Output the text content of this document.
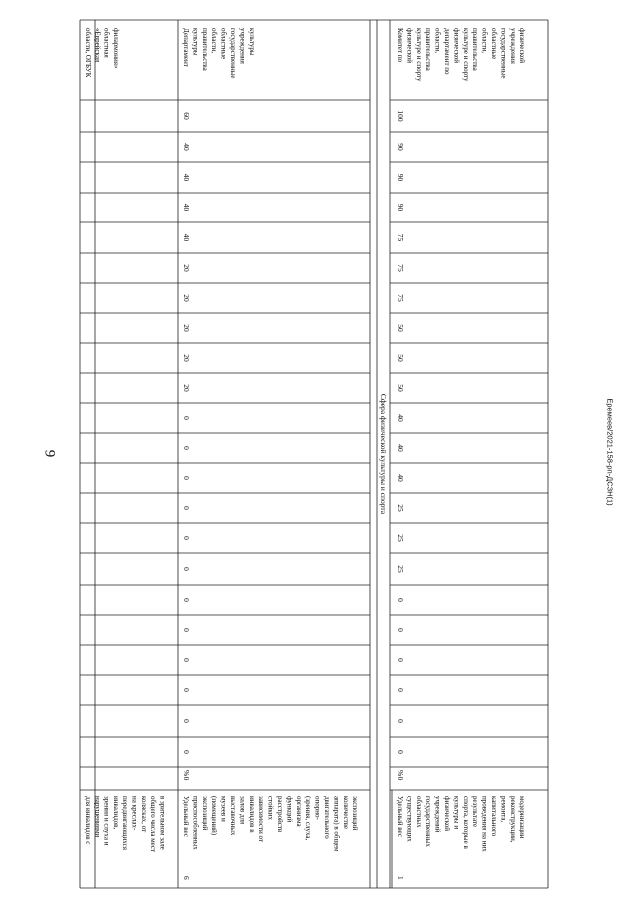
9	Еремеев/2021-158-рп-ДСЗН(1)
для инвалидов с нарушениями зрения и слуха и инвалидов, передвигающихся на креслах- колясках, от общего числа мест в зрительном зале
области, ОГБУК «Еврейская областная филармония»
6
Удельный вес приспособленных экспозиций (помещений) музеев и выставочных залов для инвалидов в зависимости от стойких расстройств функций организма (зрения, слуха, опорно- двигательного аппарата) в общем количестве экспозиций
%
0
0
0
0
0
0
0
0
0
0
0
0
0
20
20
20
20
20
40
40
40
40
60
Департамент культуры правительства области, областные государственные учреждения культуры
Сфера физической культуры и спорта
1
Удельный вес существующих областных государственных учреждений физической культуры и спорта, которые в результате проведения на них капитального ремонта, реконструкции, модернизации
%
0
0
0
0
0
0
0
25
25
25
40
40
40
50
50
50
75
75
75
90
90
90
100
Комитет по физической культуре и спорту правительства области, департамент по физической культуре и спорту правительства области, областные государственные учреждения физической
